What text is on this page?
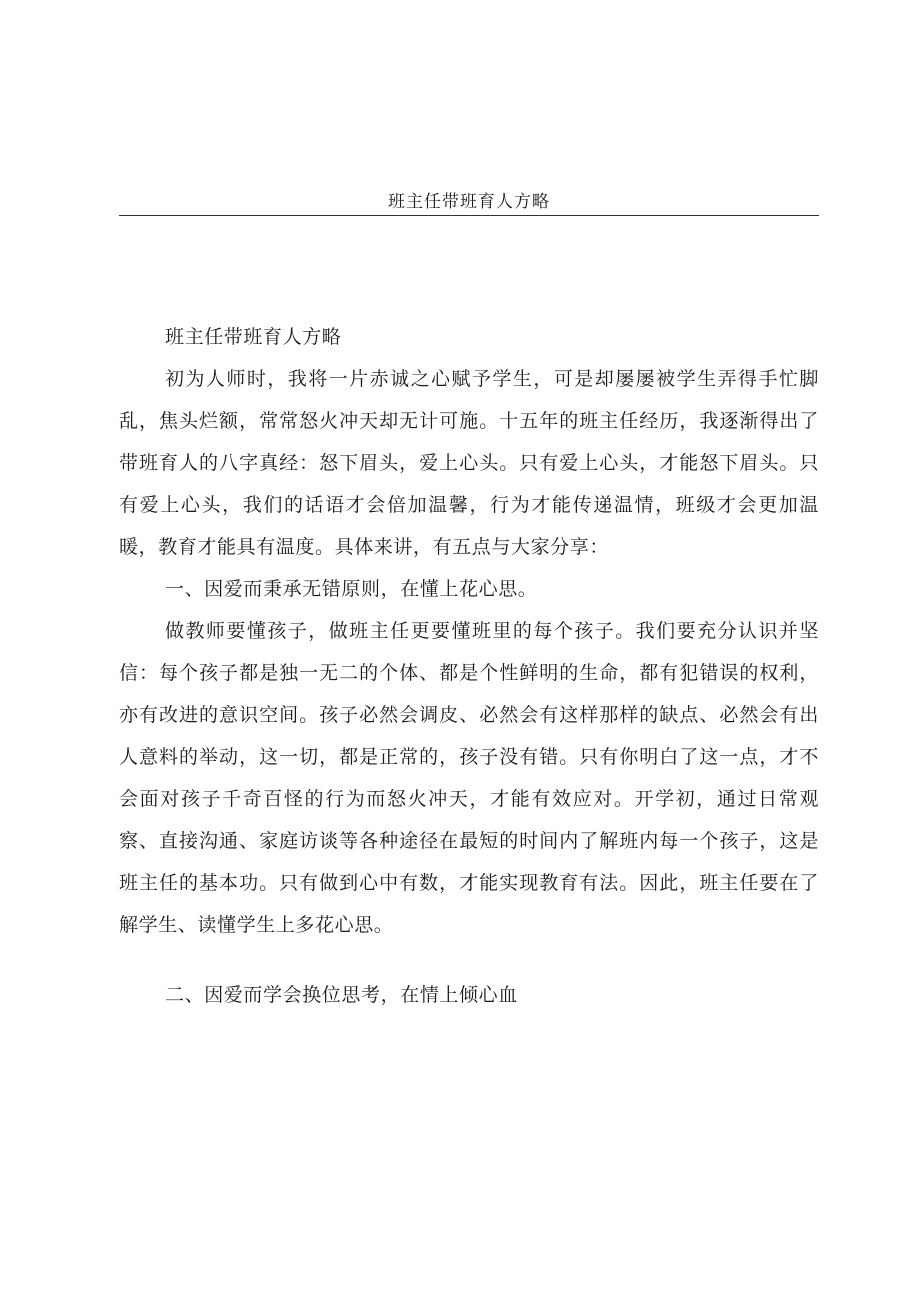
班主任带班育人方略

班主任带班育人方略

初为人师时，我将一片赤诚之心赋予学生，可是却屡屡被学生弄得手忙脚乱，焦头烂额，常常怒火冲天却无计可施。十五年的班主任经历，我逐渐得出了带班育人的八字真经：怒下眉头，爱上心头。只有爱上心头，才能怒下眉头。只有爱上心头，我们的话语才会倍加温馨，行为才能传递温情，班级才会更加温暖，教育才能具有温度。具体来讲，有五点与大家分享：

一、因爱而秉承无错原则，在懂上花心思。

做教师要懂孩子，做班主任更要懂班里的每个孩子。我们要充分认识并坚信：每个孩子都是独一无二的个体、都是个性鲜明的生命，都有犯错误的权利，亦有改进的意识空间。孩子必然会调皮、必然会有这样那样的缺点、必然会有出人意料的举动，这一切，都是正常的，孩子没有错。只有你明白了这一点，才不会面对孩子千奇百怪的行为而怒火冲天，才能有效应对。开学初，通过日常观察、直接沟通、家庭访谈等各种途径在最短的时间内了解班内每一个孩子，这是班主任的基本功。只有做到心中有数，才能实现教育有法。因此，班主任要在了解学生、读懂学生上多花心思。

二、因爱而学会换位思考，在情上倾心血
